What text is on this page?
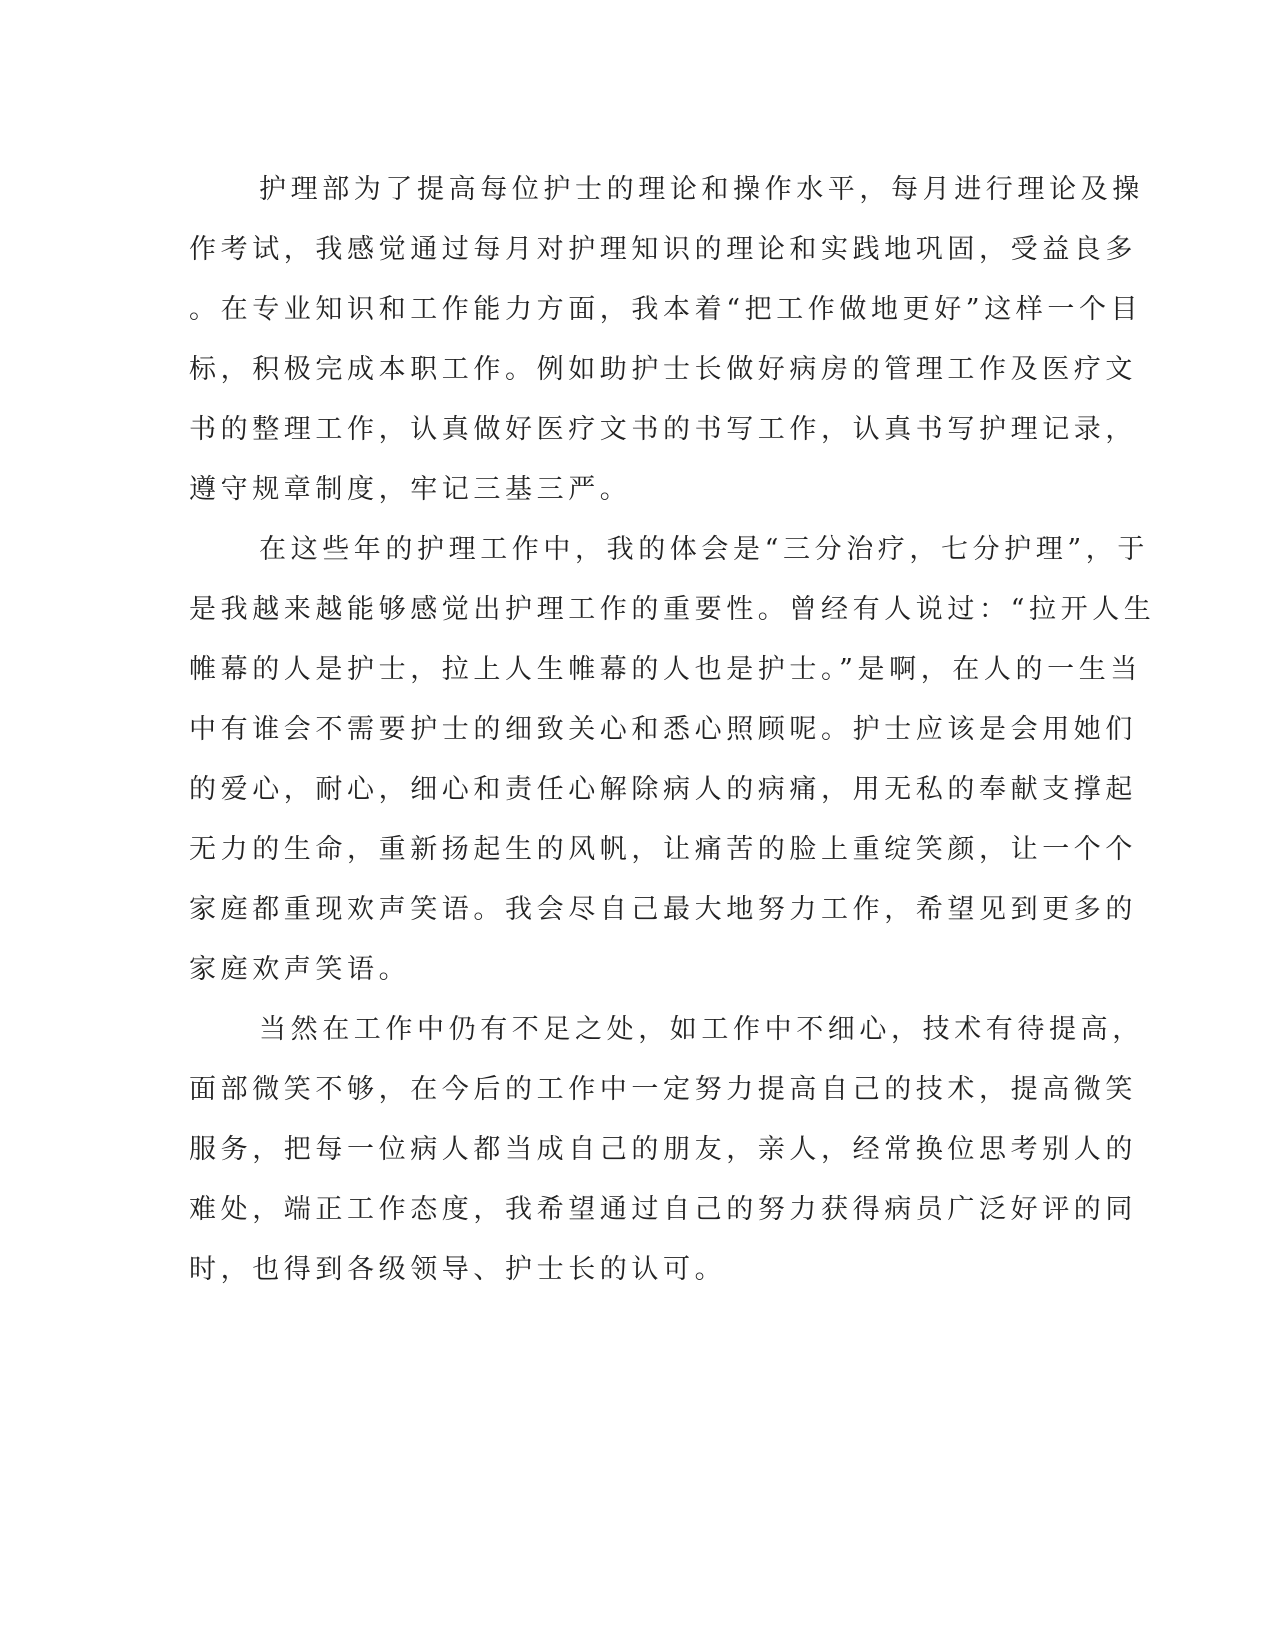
护理部为了提高每位护士的理论和操作水平，每月进行理论及操
作考试，我感觉通过每月对护理知识的理论和实践地巩固，受益良多
。在专业知识和工作能力方面，我本着“把工作做地更好”这样一个目
标，积极完成本职工作。例如助护士长做好病房的管理工作及医疗文
书的整理工作，认真做好医疗文书的书写工作，认真书写护理记录，
遵守规章制度，牢记三基三严。
在这些年的护理工作中，我的体会是“三分治疗，七分护理”，于
是我越来越能够感觉出护理工作的重要性。曾经有人说过：“拉开人生
帷幕的人是护士，拉上人生帷幕的人也是护士。”是啊，在人的一生当
中有谁会不需要护士的细致关心和悉心照顾呢。护士应该是会用她们
的爱心，耐心，细心和责任心解除病人的病痛，用无私的奉献支撑起
无力的生命，重新扬起生的风帆，让痛苦的脸上重绽笑颜，让一个个
家庭都重现欢声笑语。我会尽自己最大地努力工作，希望见到更多的
家庭欢声笑语。
当然在工作中仍有不足之处，如工作中不细心，技术有待提高，
面部微笑不够，在今后的工作中一定努力提高自己的技术，提高微笑
服务，把每一位病人都当成自己的朋友，亲人，经常换位思考别人的
难处，端正工作态度，我希望通过自己的努力获得病员广泛好评的同
时，也得到各级领导、护士长的认可。
